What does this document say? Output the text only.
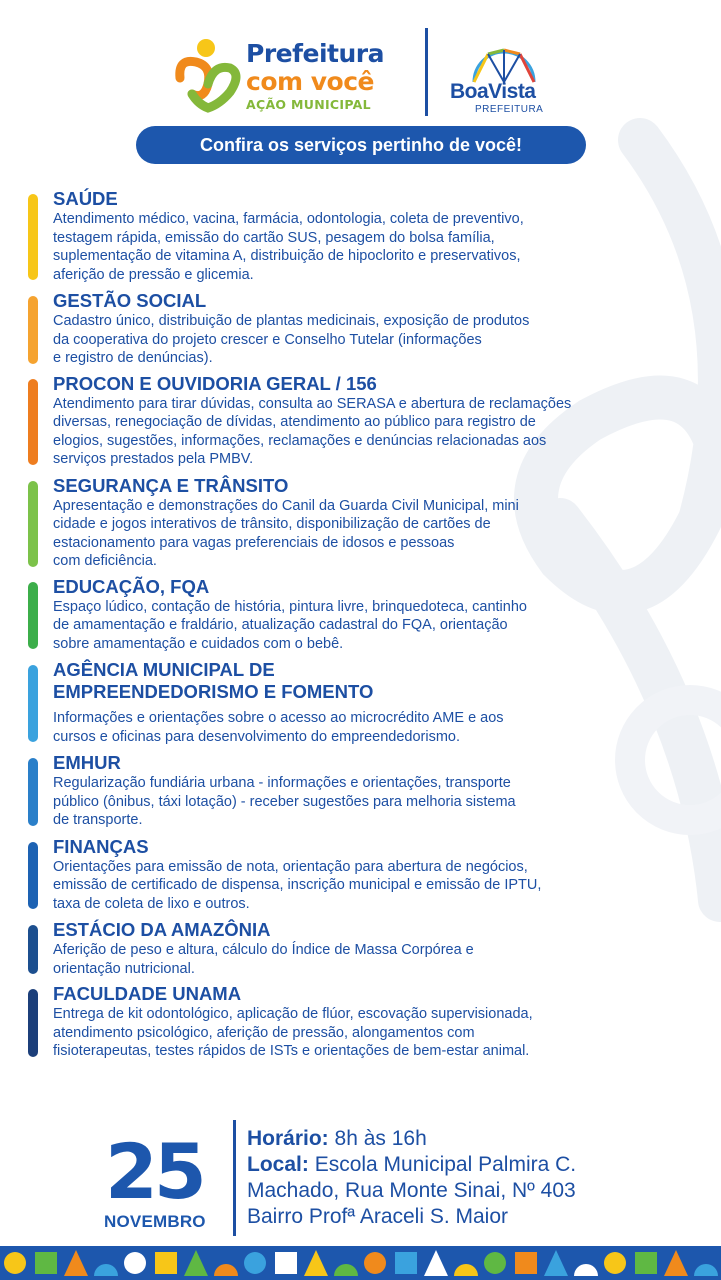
Prefeitura
com você
AÇÃO MUNICIPAL
BoaVista
PREFEITURA
Confira os serviços pertinho de você!
SAÚDE
Atendimento médico, vacina, farmácia, odontologia, coleta de preventivo,
testagem rápida, emissão do cartão SUS, pesagem do bolsa família,
suplementação de vitamina A, distribuição de hipoclorito e preservativos,
aferição de pressão e glicemia.
GESTÃO SOCIAL
Cadastro único, distribuição de plantas medicinais, exposição de produtos
da cooperativa do projeto crescer e Conselho Tutelar (informações
e registro de denúncias).
PROCON E OUVIDORIA GERAL / 156
Atendimento para tirar dúvidas, consulta ao SERASA e abertura de reclamações
diversas, renegociação de dívidas, atendimento ao público para registro de
elogios, sugestões, informações, reclamações e denúncias relacionadas aos
serviços prestados pela PMBV.
SEGURANÇA E TRÂNSITO
Apresentação e demonstrações do Canil da Guarda Civil Municipal, mini
cidade e jogos interativos de trânsito, disponibilização de cartões de
estacionamento para vagas preferenciais de idosos e pessoas
com deficiência.
EDUCAÇÃO, FQA
Espaço lúdico, contação de história, pintura livre, brinquedoteca, cantinho
de amamentação e fraldário, atualização cadastral do FQA, orientação
sobre amamentação e cuidados com o bebê.
AGÊNCIA MUNICIPAL DE
EMPREENDEDORISMO E FOMENTO
Informações e orientações sobre o acesso ao microcrédito AME e aos
cursos e oficinas para desenvolvimento do empreendedorismo.
EMHUR
Regularização fundiária urbana - informações e orientações, transporte
público (ônibus, táxi lotação) - receber sugestões para melhoria sistema
de transporte.
FINANÇAS
Orientações para emissão de nota, orientação para abertura de negócios,
emissão de certificado de dispensa, inscrição municipal e emissão de IPTU,
taxa de coleta de lixo e outros.
ESTÁCIO DA AMAZÔNIA
Aferição de peso e altura, cálculo do Índice de Massa Corpórea e
orientação nutricional.
FACULDADE UNAMA
Entrega de kit odontológico, aplicação de flúor, escovação supervisionada,
atendimento psicológico, aferição de pressão, alongamentos com
fisioterapeutas, testes rápidos de ISTs e orientações de bem-estar animal.
25
NOVEMBRO
Horário: 8h às 16h
Local: Escola Municipal Palmira C.
Machado, Rua Monte Sinai, Nº 403
Bairro Profª Araceli S. Maior
